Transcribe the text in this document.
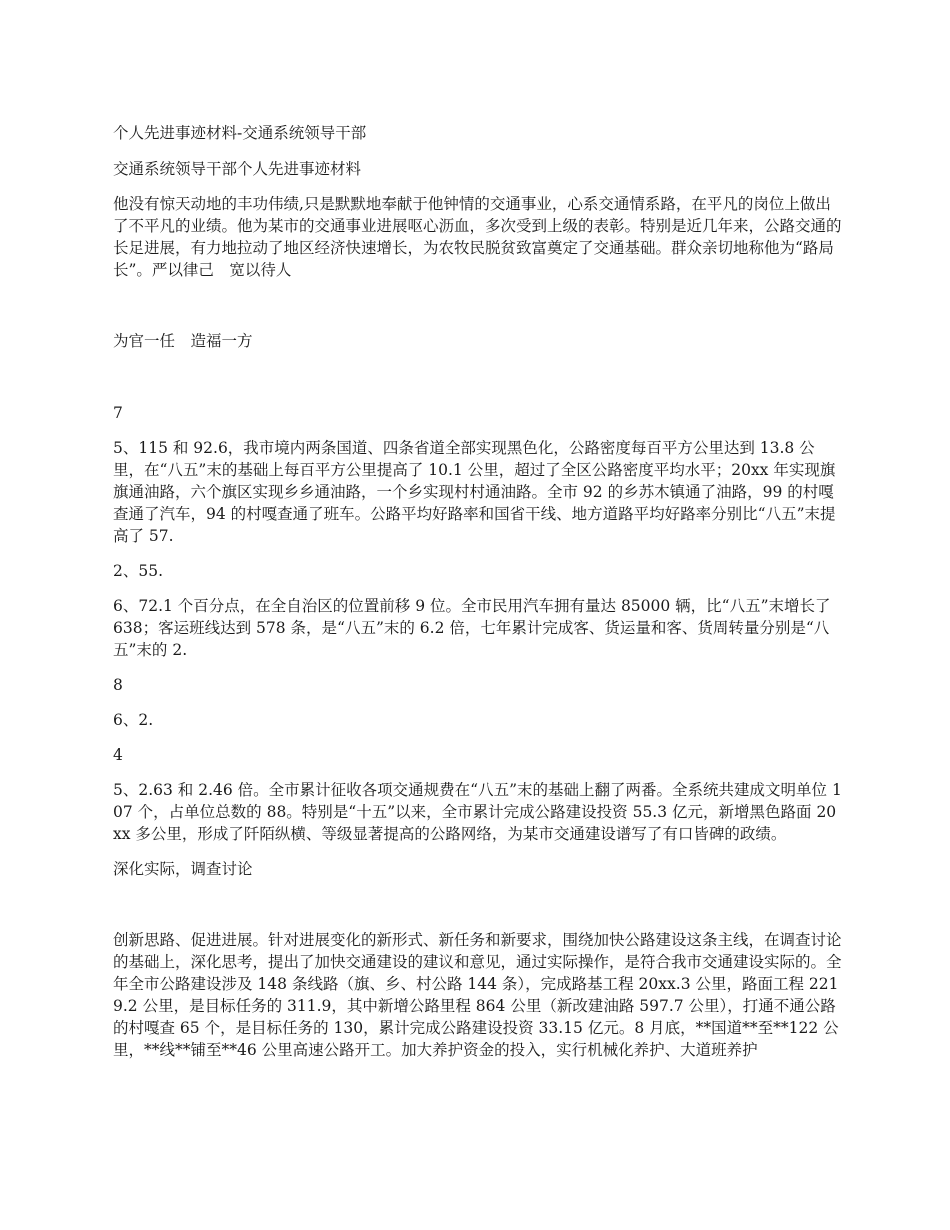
个人先进事迹材料-交通系统领导干部

交通系统领导干部个人先进事迹材料

他没有惊天动地的丰功伟绩,只是默默地奉献于他钟情的交通事业，心系交通情系路，在平凡的岗位上做出了不平凡的业绩。他为某市的交通事业进展呕心沥血，多次受到上级的表彰。特别是近几年来，公路交通的长足进展，有力地拉动了地区经济快速增长，为农牧民脱贫致富奠定了交通基础。群众亲切地称他为“路局长”。严以律己　宽以待人

为官一任　造福一方

7

5、115 和 92.6，我市境内两条国道、四条省道全部实现黑色化，公路密度每百平方公里达到 13.8 公里，在“八五”末的基础上每百平方公里提高了 10.1 公里，超过了全区公路密度平均水平；20xx 年实现旗旗通油路，六个旗区实现乡乡通油路，一个乡实现村村通油路。全市 92 的乡苏木镇通了油路，99 的村嘎查通了汽车，94 的村嘎查通了班车。公路平均好路率和国省干线、地方道路平均好路率分别比“八五”末提高了 57.

2、55.

6、72.1 个百分点，在全自治区的位置前移 9 位。全市民用汽车拥有量达 85000 辆，比“八五”末增长了 638；客运班线达到 578 条，是“八五”末的 6.2 倍，七年累计完成客、货运量和客、货周转量分别是“八五”末的 2.

8

6、2.

4

5、2.63 和 2.46 倍。全市累计征收各项交通规费在“八五”末的基础上翻了两番。全系统共建成文明单位 107 个，占单位总数的 88。特别是“十五”以来，全市累计完成公路建设投资 55.3 亿元，新增黑色路面 20xx 多公里，形成了阡陌纵横、等级显著提高的公路网络，为某市交通建设谱写了有口皆碑的政绩。

深化实际，调查讨论

创新思路、促进进展。针对进展变化的新形式、新任务和新要求，围绕加快公路建设这条主线，在调查讨论的基础上，深化思考，提出了加快交通建设的建议和意见，通过实际操作，是符合我市交通建设实际的。全年全市公路建设涉及 148 条线路（旗、乡、村公路 144 条），完成路基工程 20xx.3 公里，路面工程 2219.2 公里，是目标任务的 311.9，其中新增公路里程 864 公里（新改建油路 597.7 公里），打通不通公路的村嘎查 65 个，是目标任务的 130，累计完成公路建设投资 33.15 亿元。8 月底，**国道**至**122 公里，**线**铺至**46 公里高速公路开工。加大养护资金的投入，实行机械化养护、大道班养护
